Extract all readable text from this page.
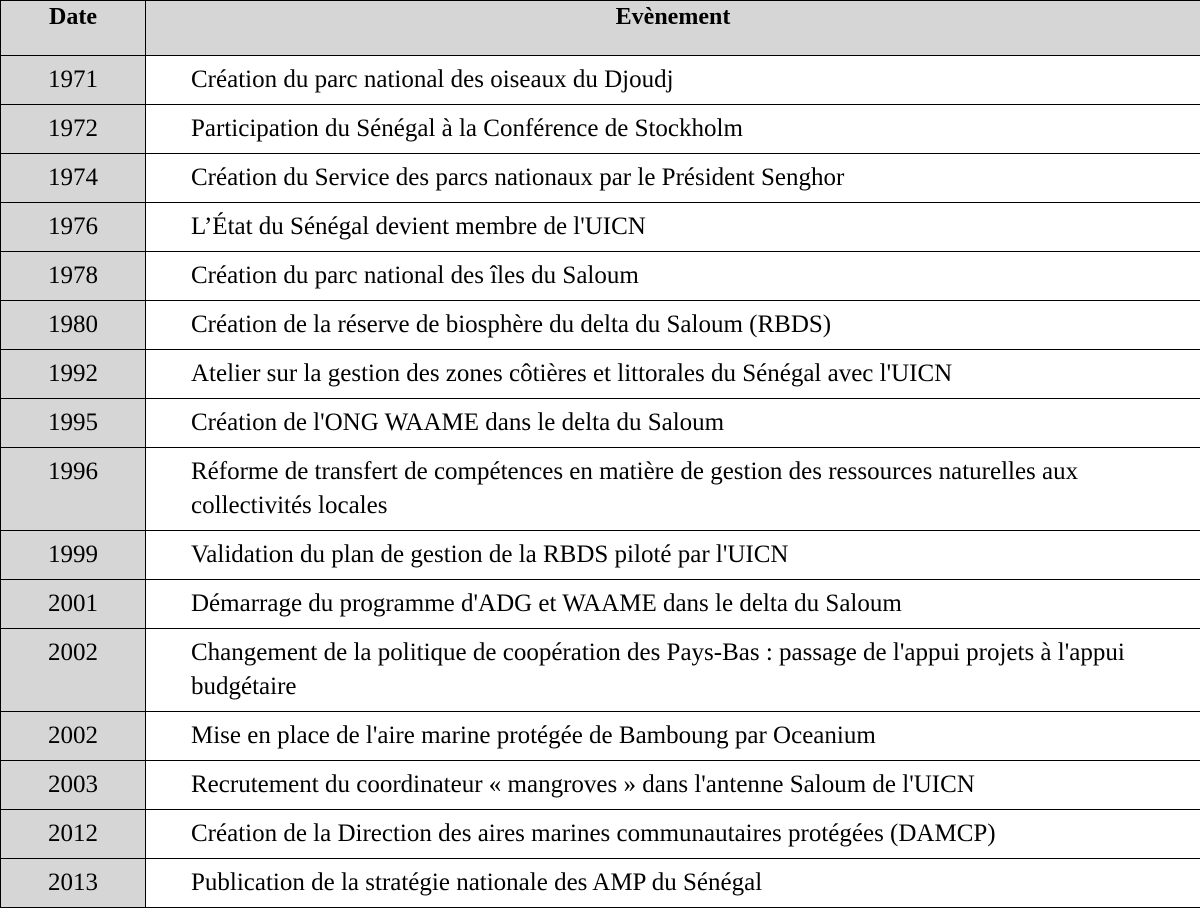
Date	Evènement
1971	Création du parc national des oiseaux du Djoudj
1972	Participation du Sénégal à la Conférence de Stockholm
1974	Création du Service des parcs nationaux par le Président Senghor
1976	L’État du Sénégal devient membre de l'UICN
1978	Création du parc national des îles du Saloum
1980	Création de la réserve de biosphère du delta du Saloum (RBDS)
1992	Atelier sur la gestion des zones côtières et littorales du Sénégal avec l'UICN
1995	Création de l'ONG WAAME dans le delta du Saloum
1996	Réforme de transfert de compétences en matière de gestion des ressources naturelles aux collectivités locales
1999	Validation du plan de gestion de la RBDS piloté par l'UICN
2001	Démarrage du programme d'ADG et WAAME dans le delta du Saloum
2002	Changement de la politique de coopération des Pays-Bas : passage de l'appui projets à l'appui budgétaire
2002	Mise en place de l'aire marine protégée de Bamboung par Oceanium
2003	Recrutement du coordinateur « mangroves » dans l'antenne Saloum de l'UICN
2012	Création de la Direction des aires marines communautaires protégées (DAMCP)
2013	Publication de la stratégie nationale des AMP du Sénégal
